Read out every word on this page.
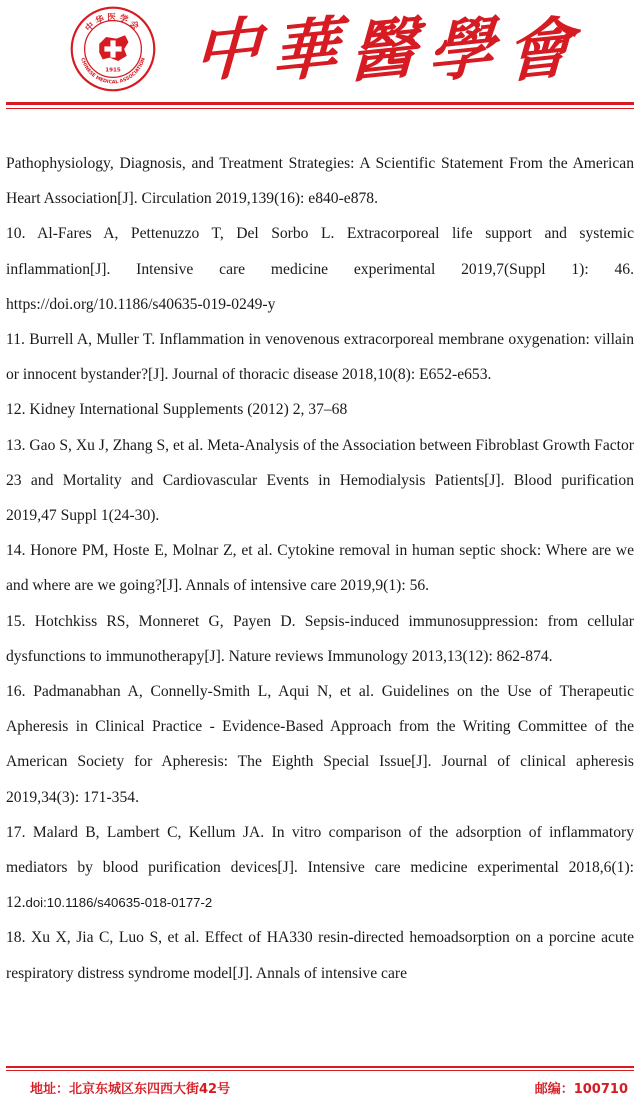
中华医学会
CHINESE MEDICAL ASSOCIATION
1915 中 華 醫 學 會

Pathophysiology, Diagnosis, and Treatment Strategies: A Scientific Statement From the American Heart Association[J]. Circulation 2019,139(16): e840-e878.

10. Al-Fares A, Pettenuzzo T, Del Sorbo L. Extracorporeal life support and systemic inflammation[J]. Intensive care medicine experimental 2019,7(Suppl 1): 46. https://doi.org/10.1186/s40635-019-0249-y

11. Burrell A, Muller T. Inflammation in venovenous extracorporeal membrane oxygenation: villain or innocent bystander?[J]. Journal of thoracic disease 2018,10(8): E652-e653.

12. Kidney International Supplements (2012) 2, 37–68

13. Gao S, Xu J, Zhang S, et al. Meta-Analysis of the Association between Fibroblast Growth Factor 23 and Mortality and Cardiovascular Events in Hemodialysis Patients[J]. Blood purification 2019,47 Suppl 1(24-30).

14. Honore PM, Hoste E, Molnar Z, et al. Cytokine removal in human septic shock: Where are we and where are we going?[J]. Annals of intensive care 2019,9(1): 56.

15. Hotchkiss RS, Monneret G, Payen D. Sepsis-induced immunosuppression: from cellular dysfunctions to immunotherapy[J]. Nature reviews Immunology 2013,13(12): 862-874.

16. Padmanabhan A, Connelly-Smith L, Aqui N, et al. Guidelines on the Use of Therapeutic Apheresis in Clinical Practice - Evidence-Based Approach from the Writing Committee of the American Society for Apheresis: The Eighth Special Issue[J]. Journal of clinical apheresis 2019,34(3): 171-354.

17. Malard B, Lambert C, Kellum JA. In vitro comparison of the adsorption of inflammatory mediators by blood purification devices[J]. Intensive care medicine experimental 2018,6(1): 12.doi:10.1186/s40635-018-0177-2

18. Xu X, Jia C, Luo S, et al. Effect of HA330 resin-directed hemoadsorption on a porcine acute respiratory distress syndrome model[J]. Annals of intensive care

地址：北京东城区东四西大街42号	邮编：100710
